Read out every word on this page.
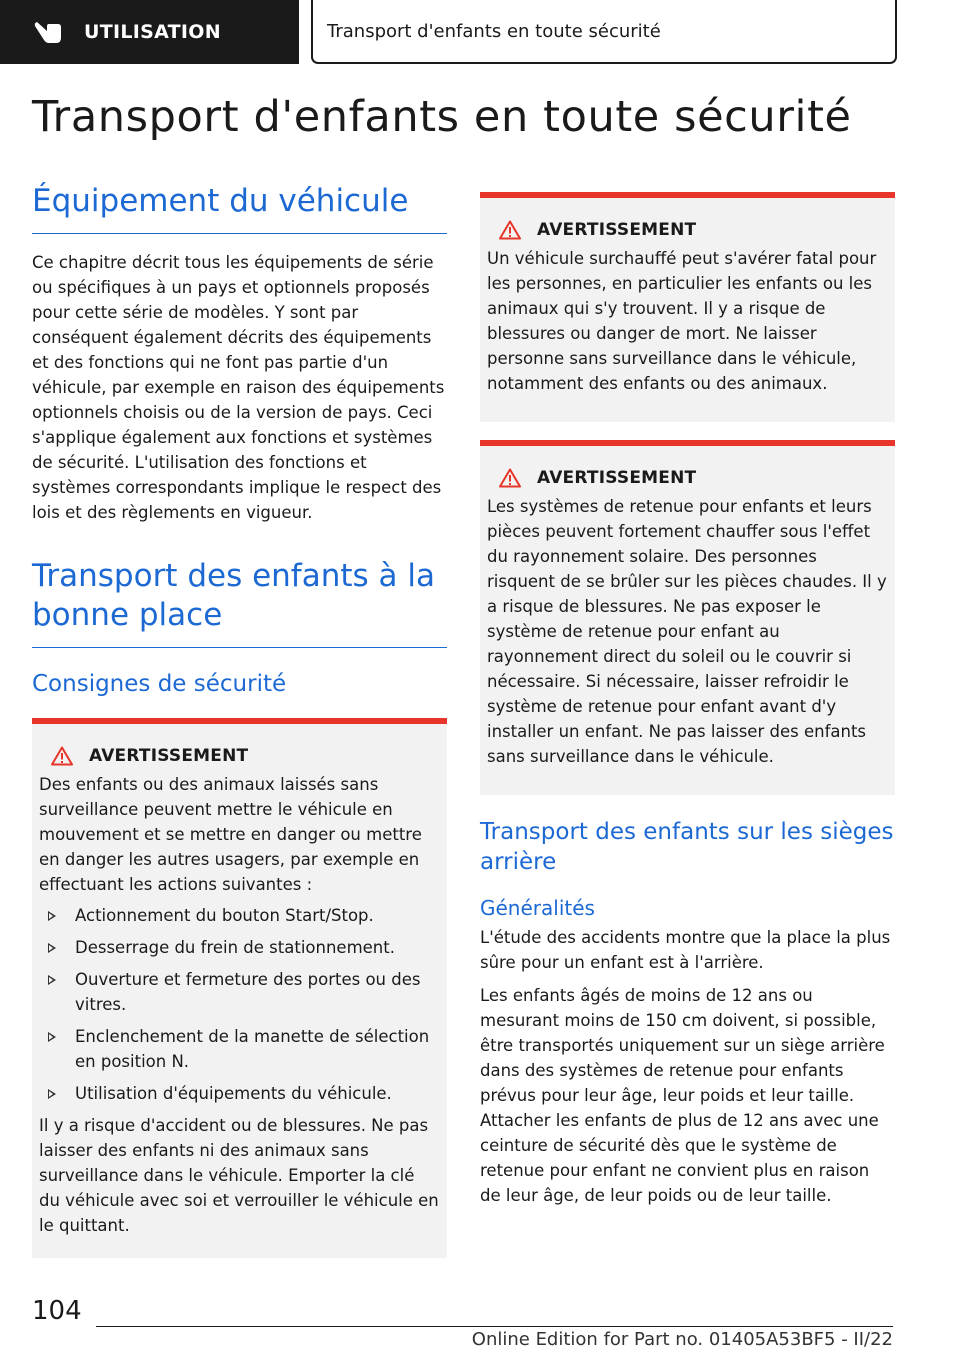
UTILISATION	Transport d'enfants en toute sécurité
Transport d'enfants en toute sécurité
Équipement du véhicule

Ce chapitre décrit tous les équipements de série ou spécifiques à un pays et optionnels proposés pour cette série de modèles. Y sont par conséquent également décrits des équipements et des fonctions qui ne font pas partie d'un véhicule, par exemple en raison des équipements optionnels choisis ou de la version de pays. Ceci s'applique également aux fonctions et systèmes de sécurité. L'utilisation des fonctions et systèmes correspondants implique le respect des lois et des règlements en vigueur.

Transport des enfants à la bonne place
Consignes de sécurité
AVERTISSEMENT

Des enfants ou des animaux laissés sans surveillance peuvent mettre le véhicule en mouvement et se mettre en danger ou mettre en danger les autres usagers, par exemple en effectuant les actions suivantes :

Actionnement du bouton Start/Stop.
Desserrage du frein de stationnement.
Ouverture et fermeture des portes ou des vitres.
Enclenchement de la manette de sélection en position N.
Utilisation d'équipements du véhicule.

Il y a risque d'accident ou de blessures. Ne pas laisser des enfants ni des animaux sans surveillance dans le véhicule. Emporter la clé du véhicule avec soi et verrouiller le véhicule en le quittant.

AVERTISSEMENT

Un véhicule surchauffé peut s'avérer fatal pour les personnes, en particulier les enfants ou les animaux qui s'y trouvent. Il y a risque de blessures ou danger de mort. Ne laisser personne sans surveillance dans le véhicule, notamment des enfants ou des animaux.

AVERTISSEMENT

Les systèmes de retenue pour enfants et leurs pièces peuvent fortement chauffer sous l'effet du rayonnement solaire. Des personnes risquent de se brûler sur les pièces chaudes. Il y a risque de blessures. Ne pas exposer le système de retenue pour enfant au rayonnement direct du soleil ou le couvrir si nécessaire. Si nécessaire, laisser refroidir le système de retenue pour enfant avant d'y installer un enfant. Ne pas laisser des enfants sans surveillance dans le véhicule.

Transport des enfants sur les sièges arrière
Généralités

L'étude des accidents montre que la place la plus sûre pour un enfant est à l'arrière.

Les enfants âgés de moins de 12 ans ou mesurant moins de 150 cm doivent, si possible, être transportés uniquement sur un siège arrière dans des systèmes de retenue pour enfants prévus pour leur âge, leur poids et leur taille. Attacher les enfants de plus de 12 ans avec une ceinture de sécurité dès que le système de retenue pour enfant ne convient plus en raison de leur âge, de leur poids ou de leur taille.

104
Online Edition for Part no. 01405A53BF5 - II/22
